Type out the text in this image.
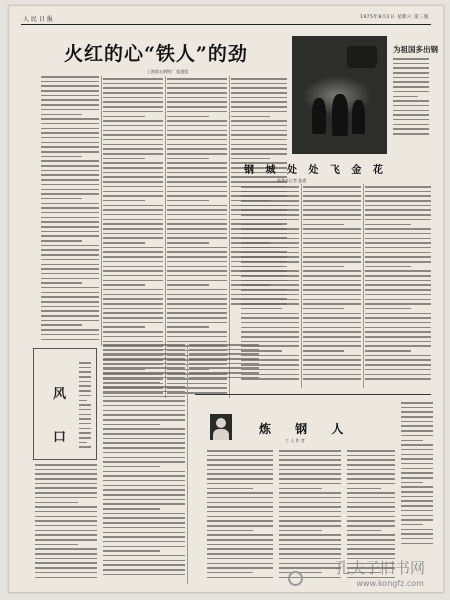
人 民 日 报	1975年8月2日 星期六 第三版
火红的心“铁人”的劲
上海第五钢铁厂 报道组
为祖国多出钢
钢 城 处 处 飞 金 花
新华社记者 报道
风
口
炼 钢 人
工 人 作 者
孔夫子旧书网
www.kongfz.com
